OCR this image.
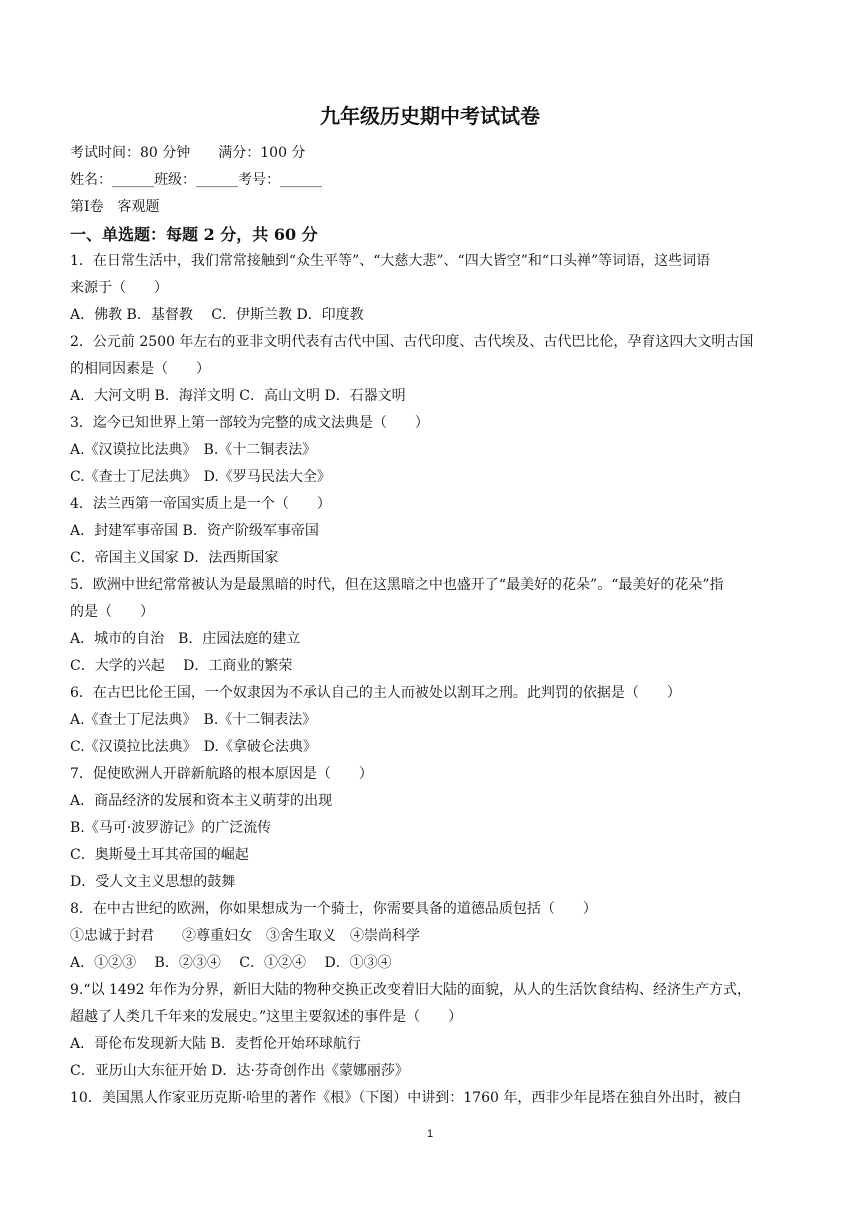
九年级历史期中考试试卷
考试时间：80 分钟　　满分：100 分
姓名：______班级：______考号：______
第Ⅰ卷　客观题
一、单选题：每题 2 分，共 60 分
1．在日常生活中，我们常常接触到“众生平等”、“大慈大悲”、“四大皆空”和“口头禅”等词语，这些词语
来源于（　　）
A．佛教 B．基督教　 C．伊斯兰教 D．印度教
2．公元前 2500 年左右的亚非文明代表有古代中国、古代印度、古代埃及、古代巴比伦，孕育这四大文明古国
的相同因素是（　　）
A．大河文明 B．海洋文明 C．高山文明 D．石器文明
3．迄今已知世界上第一部较为完整的成文法典是（　　）
A.《汉谟拉比法典》　B.《十二铜表法》
C.《查士丁尼法典》　D.《罗马民法大全》
4．法兰西第一帝国实质上是一个（　　）
A．封建军事帝国 B．资产阶级军事帝国
C．帝国主义国家 D．法西斯国家
5．欧洲中世纪常常被认为是最黑暗的时代，但在这黑暗之中也盛开了“最美好的花朵”。“最美好的花朵”指
的是（　　）
A．城市的自治　B．庄园法庭的建立
C．大学的兴起　 D．工商业的繁荣
6．在古巴比伦王国，一个奴隶因为不承认自己的主人而被处以割耳之刑。此判罚的依据是（　　）
A.《查士丁尼法典》　B.《十二铜表法》
C.《汉谟拉比法典》　D.《拿破仑法典》
7．促使欧洲人开辟新航路的根本原因是（　　）
A．商品经济的发展和资本主义萌芽的出现
B.《马可·波罗游记》的广泛流传
C．奥斯曼土耳其帝国的崛起
D．受人文主义思想的鼓舞
8．在中古世纪的欧洲，你如果想成为一个骑士，你需要具备的道德品质包括（　　）
①忠诚于封君　　②尊重妇女　③舍生取义　④崇尚科学
A．①②③　 B．②③④　 C．①②④　 D．①③④
9.“以 1492 年作为分界，新旧大陆的物种交换正改变着旧大陆的面貌，从人的生活饮食结构、经济生产方式，
超越了人类几千年来的发展史。”这里主要叙述的事件是（　　）
A．哥伦布发现新大陆 B．麦哲伦开始环球航行
C．亚历山大东征开始 D．达·芬奇创作出《蒙娜丽莎》
10．美国黑人作家亚历克斯·哈里的著作《根》（下图）中讲到：1760 年，西非少年昆塔在独自外出时，被白
1
